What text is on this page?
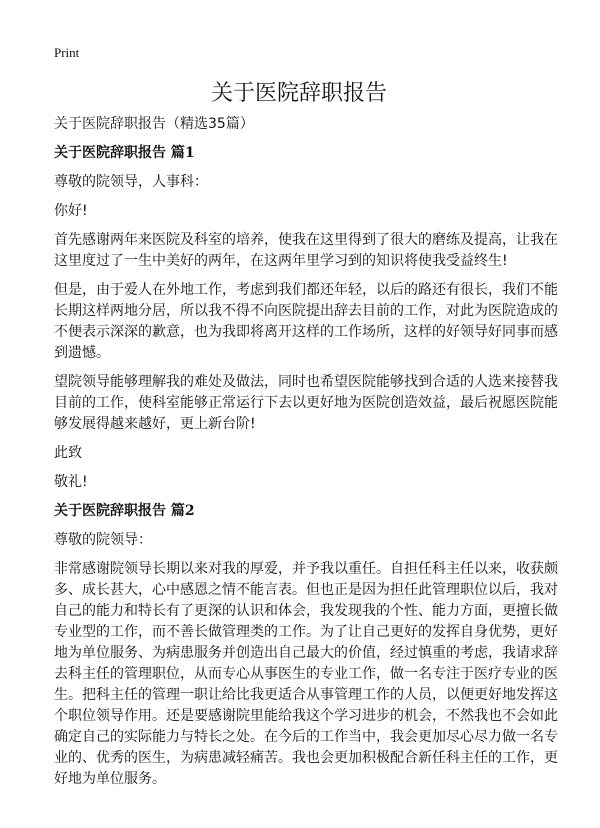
Print
关于医院辞职报告
关于医院辞职报告（精选35篇）
关于医院辞职报告 篇1
尊敬的院领导，人事科：
你好!
首先感谢两年来医院及科室的培养，使我在这里得到了很大的磨练及提高，让我在
这里度过了一生中美好的两年，在这两年里学习到的知识将使我受益终生!
但是，由于爱人在外地工作，考虑到我们都还年轻，以后的路还有很长，我们不能
长期这样两地分居，所以我不得不向医院提出辞去目前的工作，对此为医院造成的
不便表示深深的歉意，也为我即将离开这样的工作场所，这样的好领导好同事而感
到遗憾。
望院领导能够理解我的难处及做法，同时也希望医院能够找到合适的人选来接替我
目前的工作，使科室能够正常运行下去以更好地为医院创造效益，最后祝愿医院能
够发展得越来越好，更上新台阶!
此致
敬礼!
关于医院辞职报告 篇2
尊敬的院领导：
非常感谢院领导长期以来对我的厚爱，并予我以重任。自担任科主任以来，收获颇
多、成长甚大，心中感恩之情不能言表。但也正是因为担任此管理职位以后，我对
自己的能力和特长有了更深的认识和体会，我发现我的个性、能力方面，更擅长做
专业型的工作，而不善长做管理类的工作。为了让自己更好的发挥自身优势，更好
地为单位服务、为病患服务并创造出自己最大的价值，经过慎重的考虑，我请求辞
去科主任的管理职位，从而专心从事医生的专业工作，做一名专注于医疗专业的医
生。把科主任的管理一职让给比我更适合从事管理工作的人员，以便更好地发挥这
个职位领导作用。还是要感谢院里能给我这个学习进步的机会，不然我也不会如此
确定自己的实际能力与特长之处。在今后的工作当中，我会更加尽心尽力做一名专
业的、优秀的医生，为病患减轻痛苦。我也会更加积极配合新任科主任的工作，更
好地为单位服务。
